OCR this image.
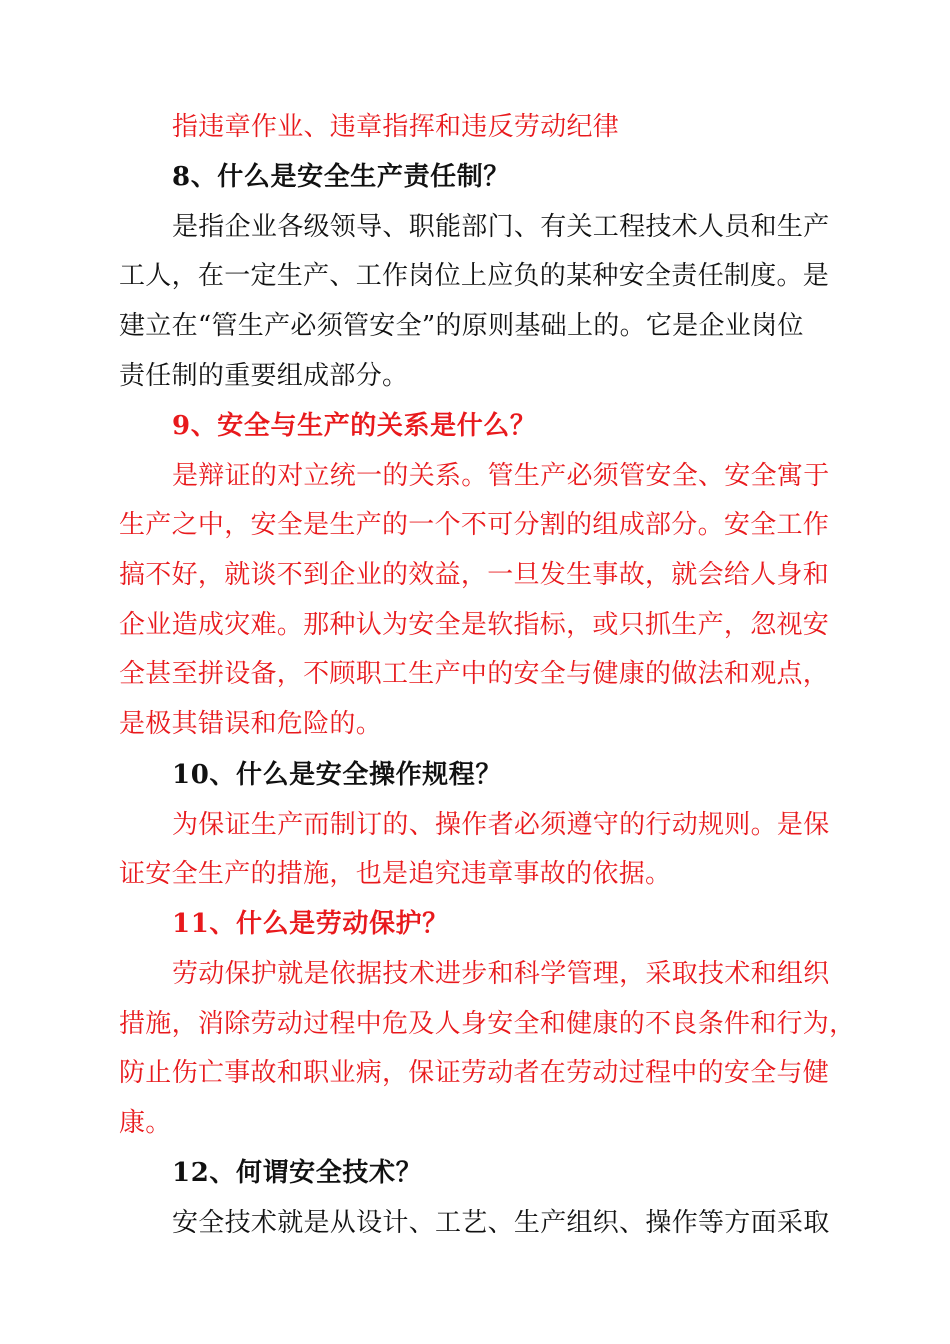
指违章作业、违章指挥和违反劳动纪律
8、什么是安全生产责任制？
是指企业各级领导、职能部门、有关工程技术人员和生产
工人，在一定生产、工作岗位上应负的某种安全责任制度。是
建立在“管生产必须管安全”的原则基础上的。它是企业岗位
责任制的重要组成部分。
9、安全与生产的关系是什么？
是辩证的对立统一的关系。管生产必须管安全、安全寓于
生产之中，安全是生产的一个不可分割的组成部分。安全工作
搞不好，就谈不到企业的效益，一旦发生事故，就会给人身和
企业造成灾难。那种认为安全是软指标，或只抓生产，忽视安
全甚至拼设备，不顾职工生产中的安全与健康的做法和观点，
是极其错误和危险的。
10、什么是安全操作规程？
为保证生产而制订的、操作者必须遵守的行动规则。是保
证安全生产的措施，也是追究违章事故的依据。
11、什么是劳动保护？
劳动保护就是依据技术进步和科学管理，采取技术和组织
措施，消除劳动过程中危及人身安全和健康的不良条件和行为，
防止伤亡事故和职业病，保证劳动者在劳动过程中的安全与健
康。
12、何谓安全技术？
安全技术就是从设计、工艺、生产组织、操作等方面采取
